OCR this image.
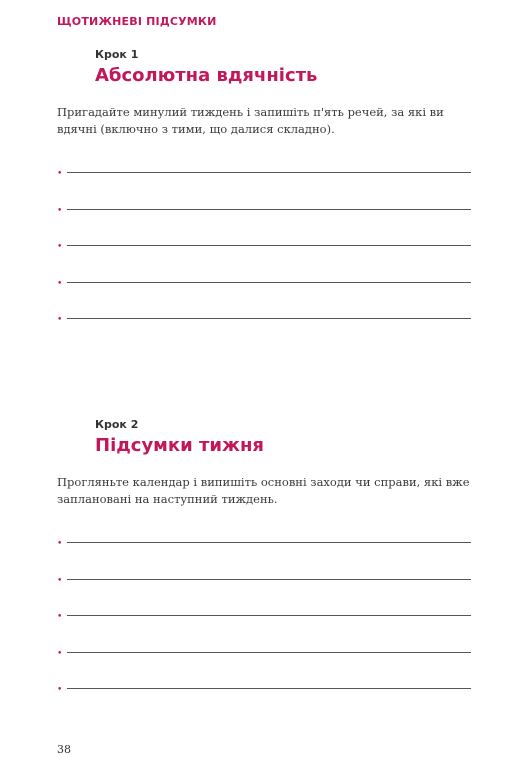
ЩОТИЖНЕВІ ПІДСУМКИ
Крок 1
Абсолютна вдячність
Пригадайте минулий тиждень і запишіть п'ять речей, за які ви вдячні (включно з тими, що далися складно).
•
•
•
•
•
Крок 2
Підсумки тижня
Прогляньте календар і випишіть основні заходи чи справи, які вже заплановані на наступний тиждень.
•
•
•
•
•
38
